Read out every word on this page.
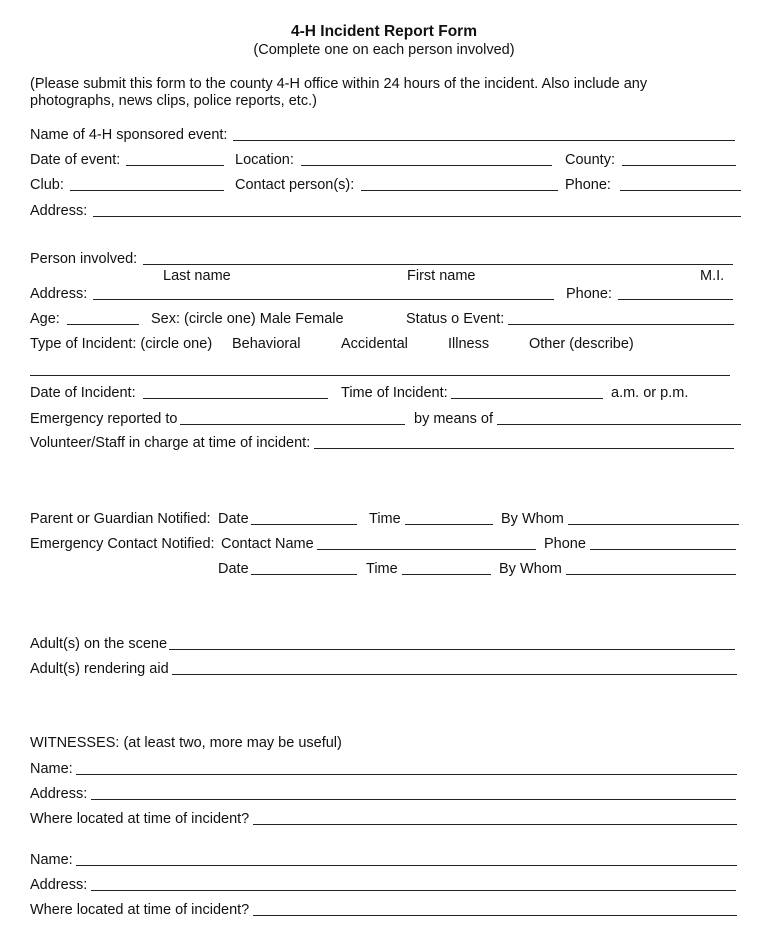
4-H Incident Report Form
(Complete one on each person involved)
(Please submit this form to the county 4-H office within 24 hours of the incident. Also include any
photographs, news clips, police reports, etc.)
Name of 4-H sponsored event:
Date of event:	Location:	County:
Club:	Contact person(s):	Phone:
Address:
Person involved:
Last name	First name	M.I.
Address:	Phone:
Age:	Sex: (circle one) Male Female	Status o Event:
Type of Incident: (circle one) Behavioral	Accidental	Illness	Other (describe)
Date of Incident:	Time of Incident:	a.m. or p.m.
Emergency reported to	by means of
Volunteer/Staff in charge at time of incident:
Parent or Guardian Notified: Date	Time	By Whom
Emergency Contact Notified: Contact Name	Phone
Date	Time	By Whom
Adult(s) on the scene
Adult(s) rendering aid
WITNESSES: (at least two, more may be useful)
Name:
Address:
Where located at time of incident?
Name:
Address:
Where located at time of incident?
